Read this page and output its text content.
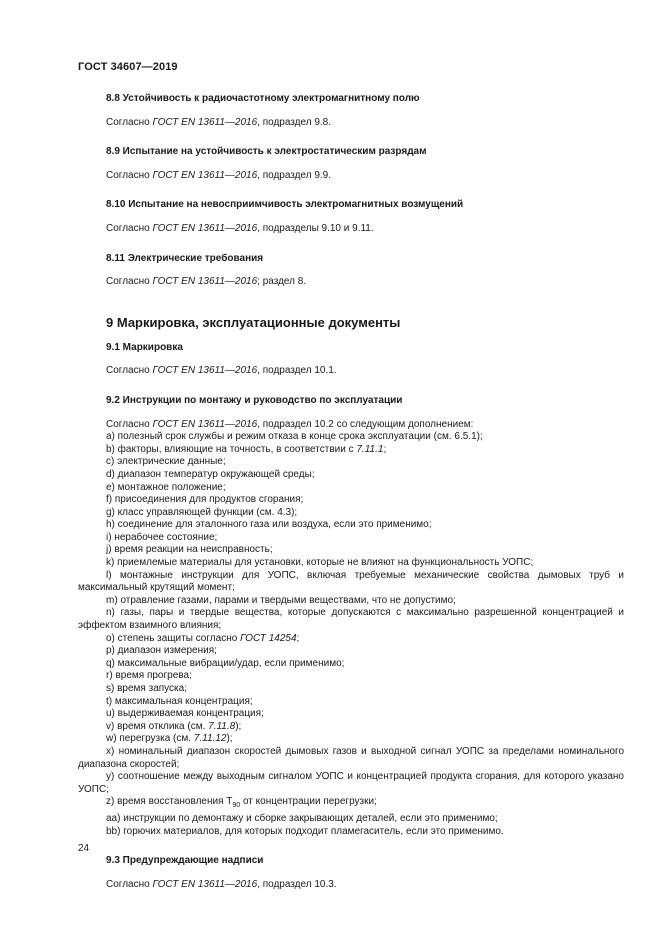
ГОСТ 34607—2019

8.8 Устойчивость к радиочастотному электромагнитному полю

Согласно ГОСТ EN 13611—2016, подраздел 9.8.

8.9 Испытание на устойчивость к электростатическим разрядам

Согласно ГОСТ EN 13611—2016, подраздел 9.9.

8.10 Испытание на невосприимчивость электромагнитных возмущений

Согласно ГОСТ EN 13611—2016, подразделы 9.10 и 9.11.

8.11 Электрические требования

Согласно ГОСТ EN 13611—2016; раздел 8.

9 Маркировка, эксплуатационные документы

9.1 Маркировка

Согласно ГОСТ EN 13611—2016, подраздел 10.1.

9.2 Инструкции по монтажу и руководство по эксплуатации

Согласно ГОСТ EN 13611—2016, подраздел 10.2 со следующим дополнением:

a) полезный срок службы и режим отказа в конце срока эксплуатации (см. 6.5.1);

b) факторы, влияющие на точность, в соответствии с 7.11.1;

c) электрические данные;

d) диапазон температур окружающей среды;

e) монтажное положение;

f) присоединения для продуктов сгорания;

g) класс управляющей функции (см. 4.3);

h) соединение для эталонного газа или воздуха, если это применимо;

i) нерабочее состояние;

j) время реакции на неисправность;

k) приемлемые материалы для установки, которые не влияют на функциональность УОПС;

l) монтажные инструкции для УОПС, включая требуемые механические свойства дымовых труб и максимальный крутящий момент;

m) отравление газами, парами и твердыми веществами, что не допустимо;

n) газы, пары и твердые вещества, которые допускаются с максимально разрешенной концентрацией и эффектом взаимного влияния;

o) степень защиты согласно ГОСТ 14254;

p) диапазон измерения;

q) максимальные вибрации/удар, если применимо;

r) время прогрева;

s) время запуска;

t) максимальная концентрация;

u) выдерживаемая концентрация;

v) время отклика (см. 7.11.8);

w) перегрузка (см. 7.11.12);

x) номинальный диапазон скоростей дымовых газов и выходной сигнал УОПС за пределами номинального диапазона скоростей;

y) соотношение между выходным сигналом УОПС и концентрацией продукта сгорания, для которого указано УОПС;

z) время восстановления $T_{90}$ от концентрации перегрузки;

aa) инструкции по демонтажу и сборке закрывающих деталей, если это применимо;

bb) горючих материалов, для которых подходит пламегаситель, если это применимо.

9.3 Предупреждающие надписи

Согласно ГОСТ EN 13611—2016, подраздел 10.3.

24
